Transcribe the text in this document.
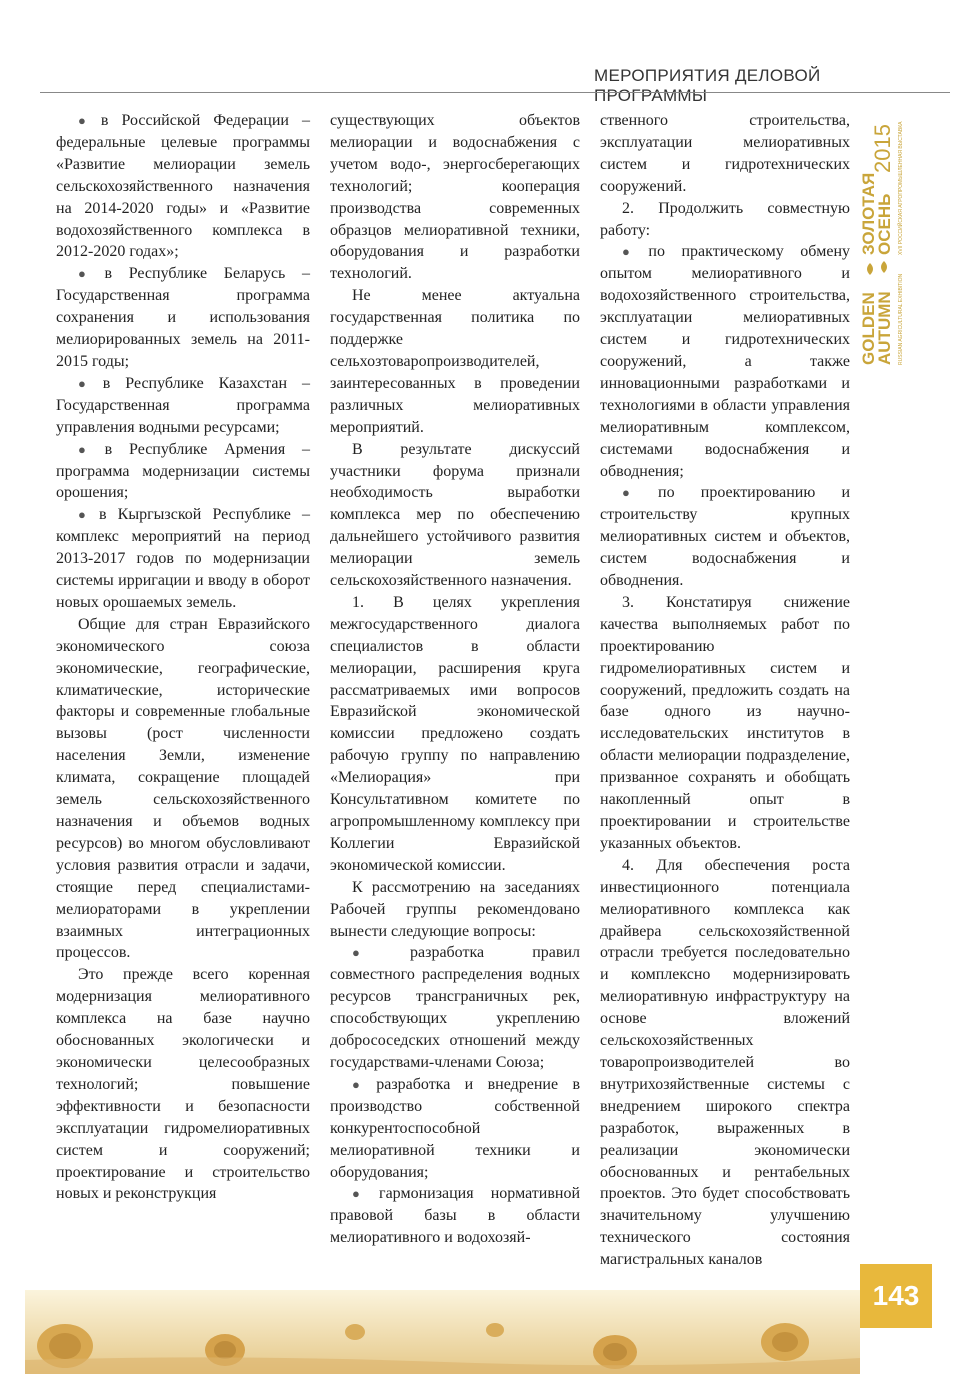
МЕРОПРИЯТИЯ ДЕЛОВОЙ ПРОГРАММЫ

● в Российской Федерации – федеральные целевые программы «Развитие мелиорации земель сельскохозяйственного назначения на 2014-2020 годы» и «Развитие водохозяйственного комплекса в 2012-2020 годах»;

● в Республике Беларусь – Государственная программа сохранения и использования мелиорированных земель на 2011-2015 годы;

● в Республике Казахстан – Государственная программа управления водными ресурсами;

● в Республике Армения – программа модернизации системы орошения;

● в Кыргызской Республике – комплекс мероприятий на период 2013-2017 годов по модернизации системы ирригации и вводу в оборот новых орошаемых земель.

Общие для стран Евразийского экономического союза экономические, географические, климатические, исторические факторы и современные глобальные вызовы (рост численности населения Земли, изменение климата, сокращение площадей земель сельскохозяйственного назначения и объемов водных ресурсов) во многом обусловливают условия развития отрасли и задачи, стоящие перед специалистами-мелиораторами в укреплении взаимных интеграционных процессов.

Это прежде всего коренная модернизация мелиоративного комплекса на базе научно обоснованных экологически и экономически целесообразных технологий; повышение эффективности и безопасности эксплуатации гидромелиоративных систем и сооружений; проектирование и строительство новых и реконструкция

существующих объектов мелиорации и водоснабжения с учетом водо-, энергосберегающих технологий; кооперация производства современных образцов мелиоративной техники, оборудования и разработки технологий.

Не менее актуальна государственная политика по поддержке сельхозтоваропроизводителей, заинтересованных в проведении различных мелиоративных мероприятий.

В результате дискуссий участники форума признали необходимость выработки комплекса мер по обеспечению дальнейшего устойчивого развития мелиорации земель сельскохозяйственного назначения.

1. В целях укрепления межгосударственного диалога специалистов в области мелиорации, расширения круга рассматриваемых ими вопросов Евразийской экономической комиссии предложено создать рабочую группу по направлению «Мелиорация» при Консультативном комитете по агропромышленному комплексу при Коллегии Евразийской экономической комиссии.

К рассмотрению на заседаниях Рабочей группы рекомендовано вынести следующие вопросы:

● разработка правил совместного распределения водных ресурсов трансграничных рек, способствующих укреплению добрососедских отношений между государствами-членами Союза;

● разработка и внедрение в производство собственной конкурентоспособной мелиоративной техники и оборудования;

● гармонизация нормативной правовой базы в области мелиоративного и водохозяй-

ственного строительства, эксплуатации мелиоративных систем и гидротехнических сооружений.

2. Продолжить совместную работу:

● по практическому обмену опытом мелиоративного и водохозяйственного строительства, эксплуатации мелиоративных систем и гидротехнических сооружений, а также инновационными разработками и технологиями в области управления мелиоративным комплексом, системами водоснабжения и обводнения;

● по проектированию и строительству крупных мелиоративных систем и объектов, систем водоснабжения и обводнения.

3. Констатируя снижение качества выполняемых работ по проектированию гидромелиоративных систем и сооружений, предложить создать на базе одного из научно-исследовательских институтов в области мелиорации подразделение, призванное сохранять и обобщать накопленный опыт в проектировании и строительстве указанных объектов.

4. Для обеспечения роста инвестиционного потенциала мелиоративного комплекса как драйвера сельскохозяйственной отрасли требуется последовательно и комплексно модернизировать мелиоративную инфраструктуру на основе вложений сельскохозяйственных товаропроизводителей во внутрихозяйственные системы с внедрением широкого спектра разработок, выраженных в реализации экономически обоснованных и рентабельных проектов. Это будет способствовать значительному улучшению технического состояния магистральных каналов

GOLDEN
AUTUMN
ЗОЛОТАЯ
ОСЕНЬ
2015
RUSSIAN AGRICULTURAL EXHIBITION
XVII РОССИЙСКАЯ АГРОПРОМЫШЛЕННАЯ ВЫСТАВКА
143
